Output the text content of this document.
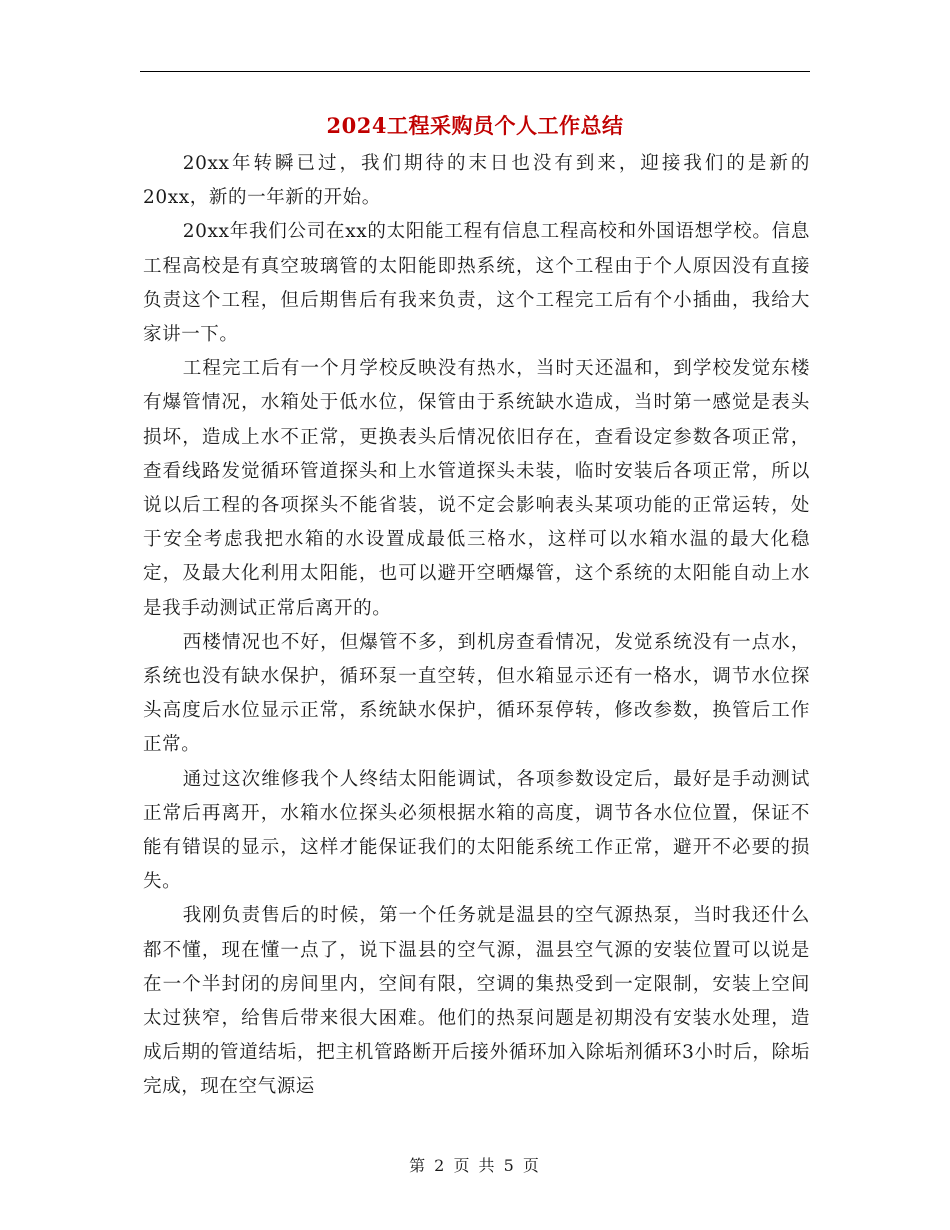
2024工程采购员个人工作总结

20xx年转瞬已过，我们期待的末日也没有到来，迎接我们的是新的20xx，新的一年新的开始。

20xx年我们公司在xx的太阳能工程有信息工程高校和外国语想学校。信息工程高校是有真空玻璃管的太阳能即热系统，这个工程由于个人原因没有直接负责这个工程，但后期售后有我来负责，这个工程完工后有个小插曲，我给大家讲一下。

工程完工后有一个月学校反映没有热水，当时天还温和，到学校发觉东楼有爆管情况，水箱处于低水位，保管由于系统缺水造成，当时第一感觉是表头损坏，造成上水不正常，更换表头后情况依旧存在，查看设定参数各项正常，查看线路发觉循环管道探头和上水管道探头未装，临时安装后各项正常，所以说以后工程的各项探头不能省装，说不定会影响表头某项功能的正常运转，处于安全考虑我把水箱的水设置成最低三格水，这样可以水箱水温的最大化稳定，及最大化利用太阳能，也可以避开空晒爆管，这个系统的太阳能自动上水是我手动测试正常后离开的。

西楼情况也不好，但爆管不多，到机房查看情况，发觉系统没有一点水，系统也没有缺水保护，循环泵一直空转，但水箱显示还有一格水，调节水位探头高度后水位显示正常，系统缺水保护，循环泵停转，修改参数，换管后工作正常。

通过这次维修我个人终结太阳能调试，各项参数设定后，最好是手动测试正常后再离开，水箱水位探头必须根据水箱的高度，调节各水位位置，保证不能有错误的显示，这样才能保证我们的太阳能系统工作正常，避开不必要的损失。

我刚负责售后的时候，第一个任务就是温县的空气源热泵，当时我还什么都不懂，现在懂一点了，说下温县的空气源，温县空气源的安装位置可以说是在一个半封闭的房间里内，空间有限，空调的集热受到一定限制，安装上空间太过狭窄，给售后带来很大困难。他们的热泵问题是初期没有安装水处理，造成后期的管道结垢，把主机管路断开后接外循环加入除垢剂循环3小时后，除垢完成，现在空气源运

第 2 页 共 5 页
